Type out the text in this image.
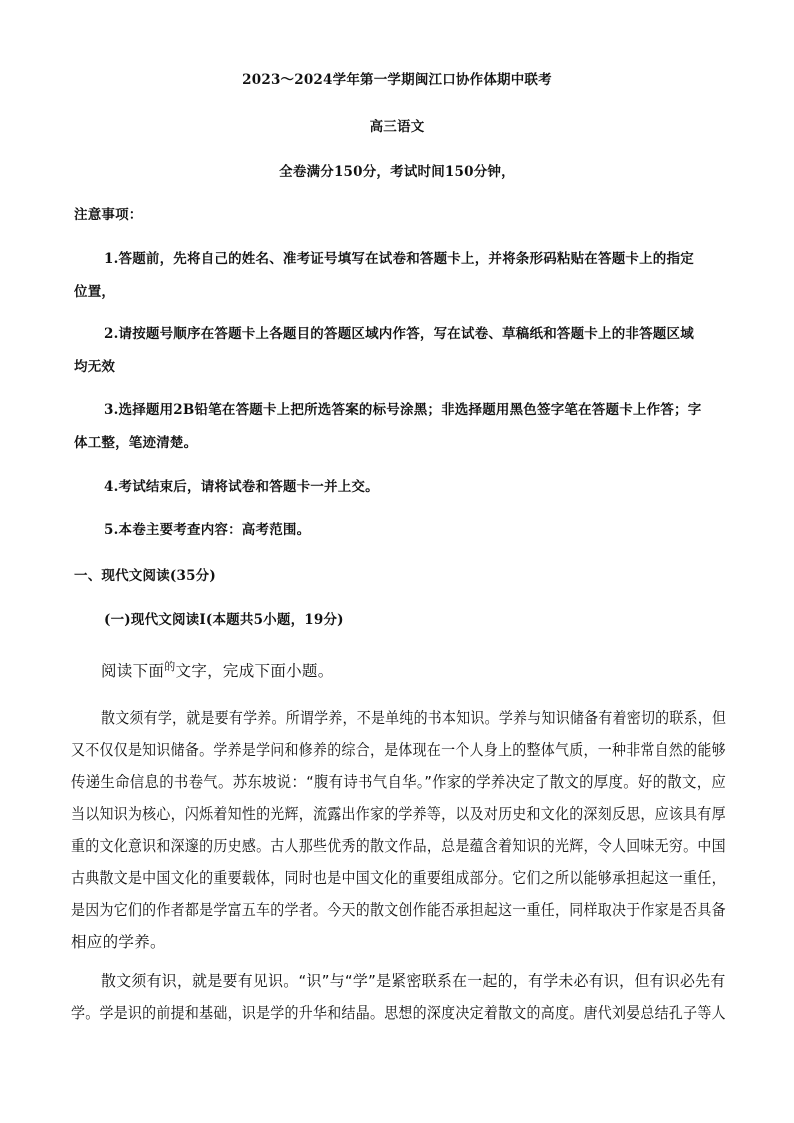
2023～2024学年第一学期闽江口协作体期中联考
高三语文
全卷满分150分，考试时间150分钟，
注意事项：
1.答题前，先将自己的姓名、准考证号填写在试卷和答题卡上，并将条形码粘贴在答题卡上的指定
位置，
2.请按题号顺序在答题卡上各题目的答题区域内作答，写在试卷、草稿纸和答题卡上的非答题区域
均无效
3.选择题用2B铅笔在答题卡上把所选答案的标号涂黑；非选择题用黑色签字笔在答题卡上作答；字
体工整，笔迹清楚。
4.考试结束后，请将试卷和答题卡一并上交。
5.本卷主要考查内容：高考范围。
一、现代文阅读(35分)
(一)现代文阅读Ⅰ(本题共5小题，19分)
阅读下面$^的$文字，完成下面小题。
散文须有学，就是要有学养。所谓学养，不是单纯的书本知识。学养与知识储备有着密切的联系，但
又不仅仅是知识储备。学养是学问和修养的综合，是体现在一个人身上的整体气质，一种非常自然的能够
传递生命信息的书卷气。苏东坡说：“腹有诗书气自华。”作家的学养决定了散文的厚度。好的散文，应
当以知识为核心，闪烁着知性的光辉，流露出作家的学养等，以及对历史和文化的深刻反思，应该具有厚
重的文化意识和深邃的历史感。古人那些优秀的散文作品，总是蕴含着知识的光辉，令人回味无穷。中国
古典散文是中国文化的重要载体，同时也是中国文化的重要组成部分。它们之所以能够承担起这一重任，
是因为它们的作者都是学富五车的学者。今天的散文创作能否承担起这一重任，同样取决于作家是否具备
相应的学养。
散文须有识，就是要有见识。“识”与“学”是紧密联系在一起的，有学未必有识，但有识必先有
学。学是识的前提和基础，识是学的升华和结晶。思想的深度决定着散文的高度。唐代刘晏总结孔子等人
